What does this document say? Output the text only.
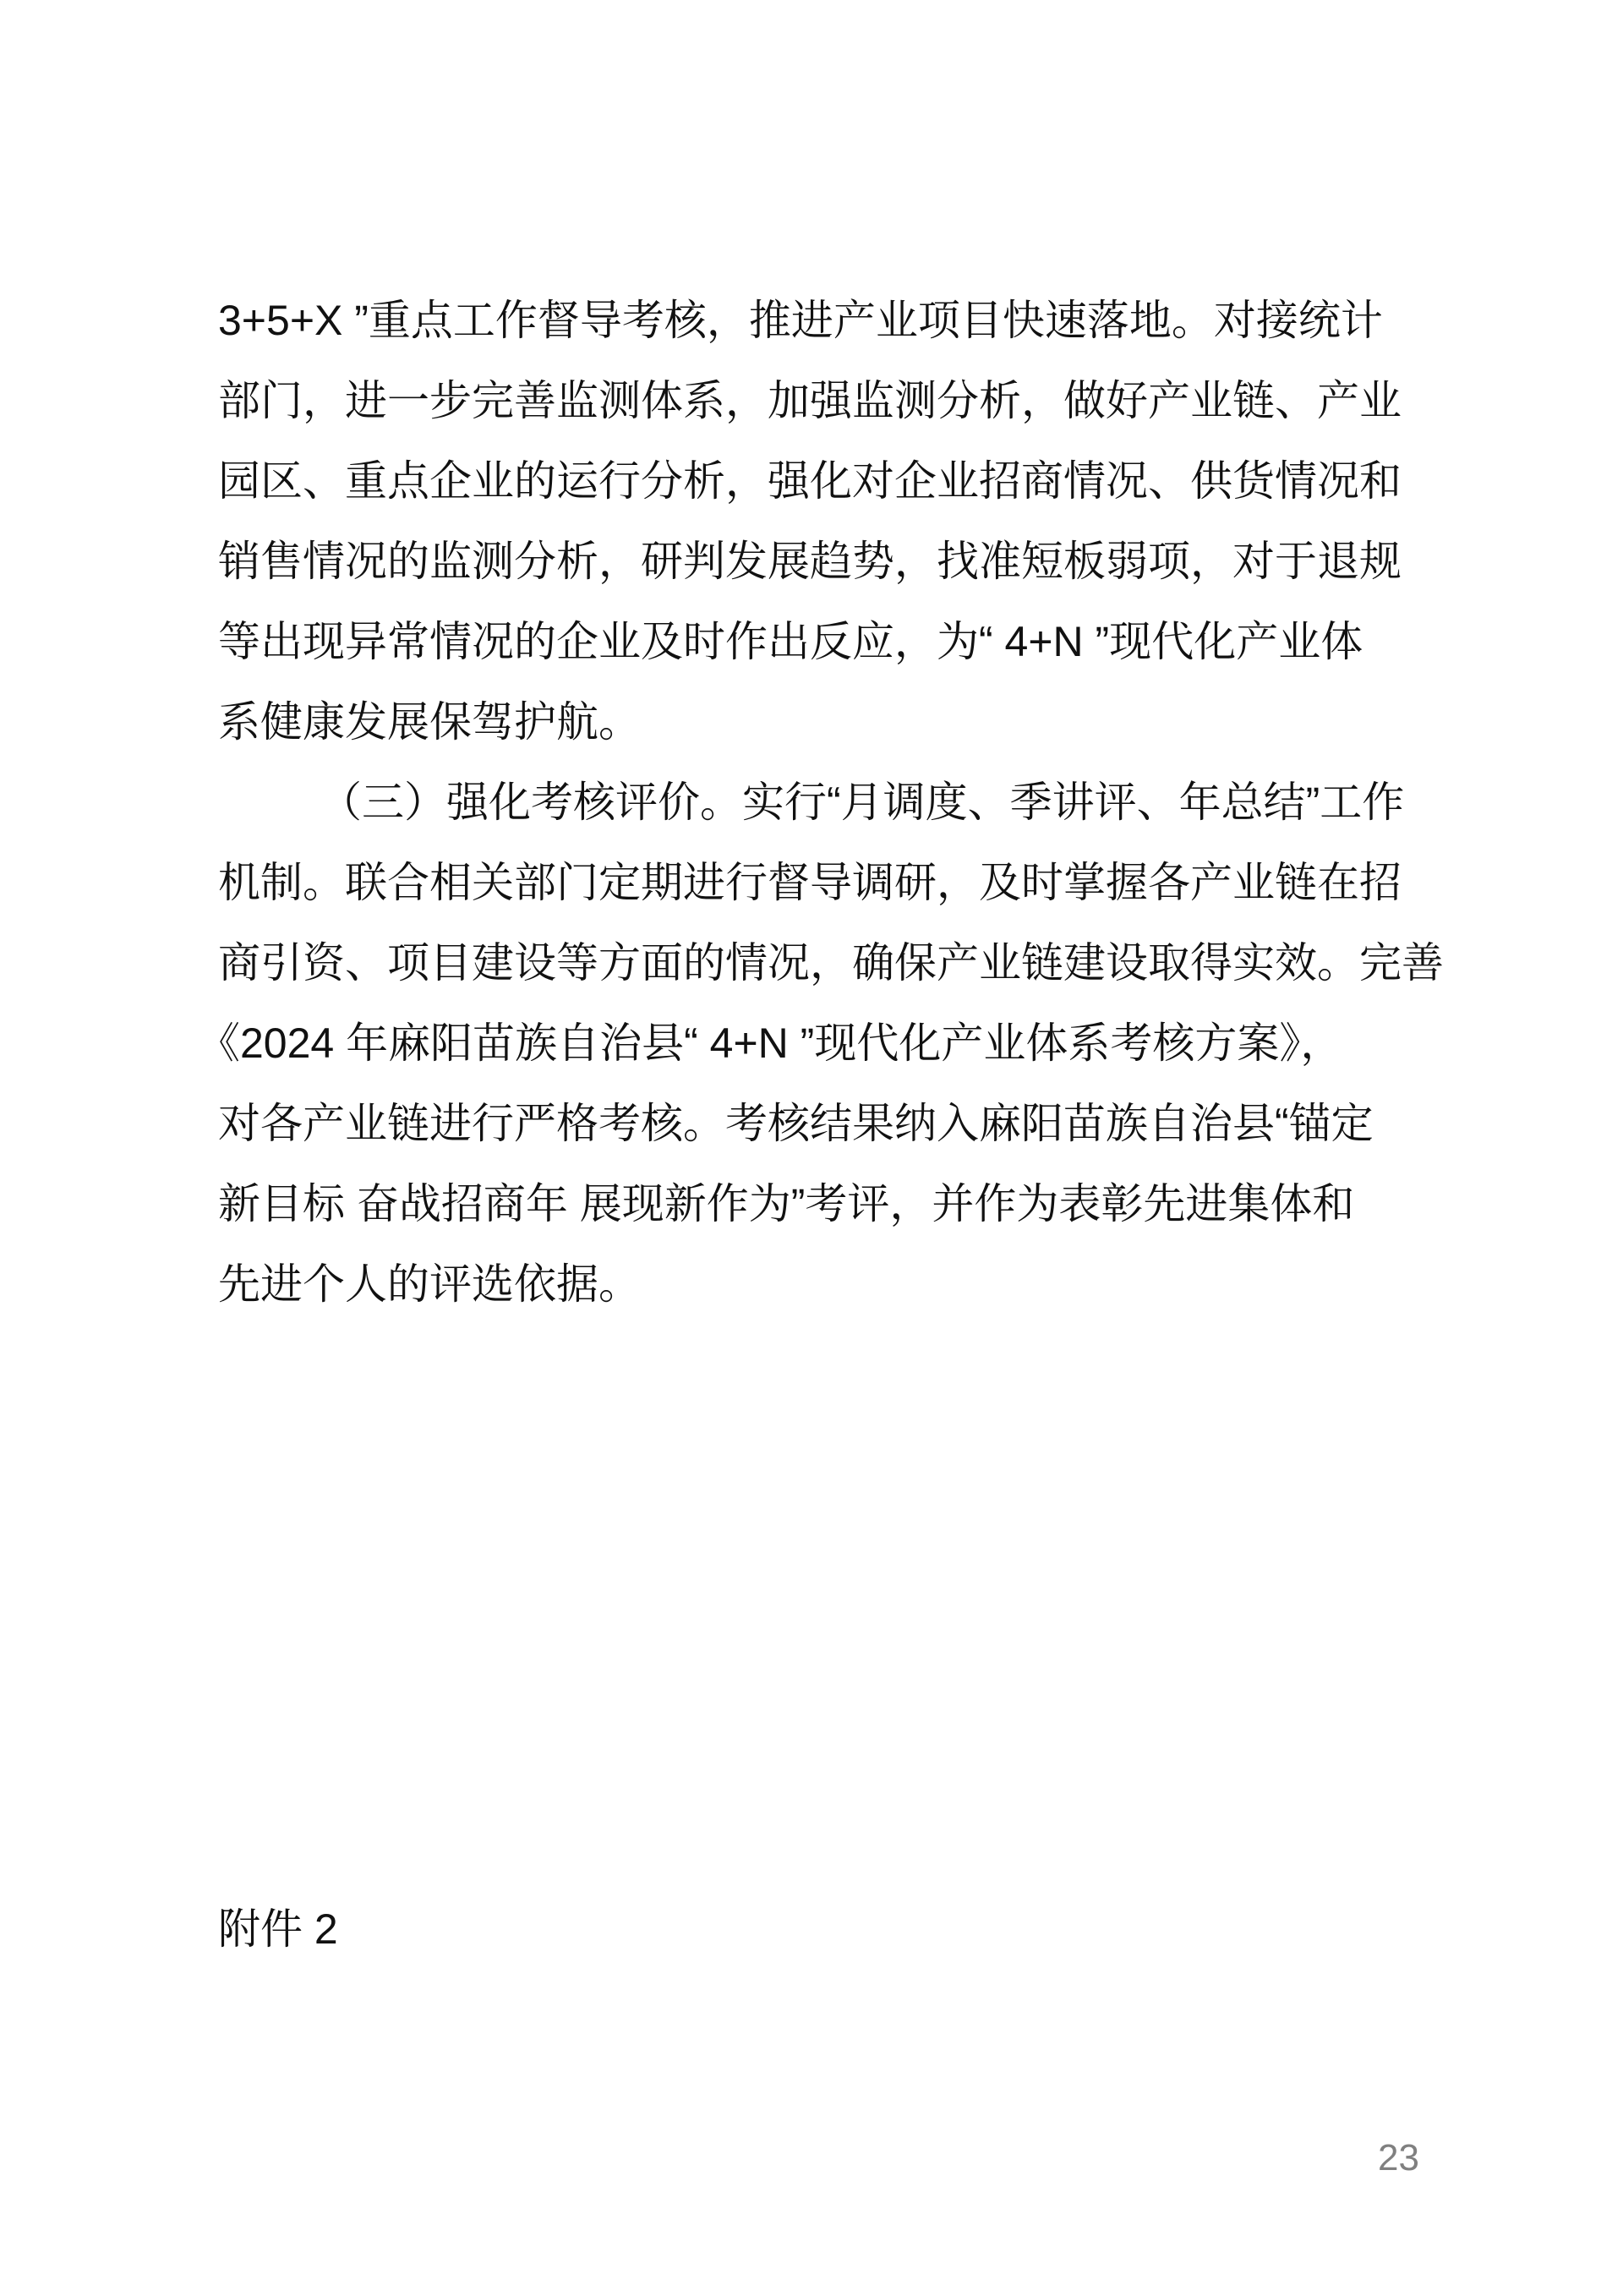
3+5+X ”重点工作督导考核，推进产业项目快速落地。对接统计
部门，进一步完善监测体系，加强监测分析，做好产业链、产业
园区、重点企业的运行分析，强化对企业招商情况、供货情况和
销售情况的监测分析，研判发展趋势，找准短板弱项，对于退规
等出现异常情况的企业及时作出反应，为“ 4+N ”现代化产业体
系健康发展保驾护航。
（三）强化考核评价。实行“月调度、季讲评、年总结”工作
机制。联合相关部门定期进行督导调研，及时掌握各产业链在招
商引资、项目建设等方面的情况，确保产业链建设取得实效。完善
《2024 年麻阳苗族自治县“ 4+N ”现代化产业体系考核方案》，
对各产业链进行严格考核。考核结果纳入麻阳苗族自治县“锚定
新目标 奋战招商年 展现新作为”考评，并作为表彰先进集体和
先进个人的评选依据。
附件 2
23
